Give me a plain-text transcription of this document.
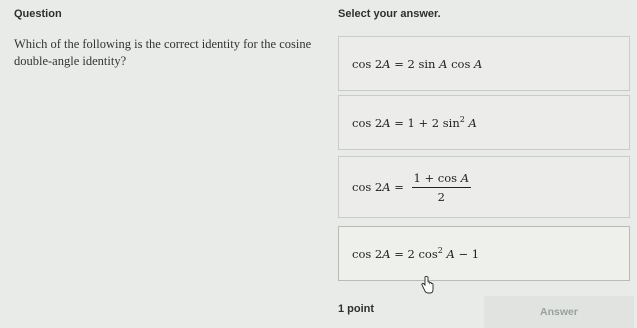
Question
Which of the following is the correct identity for the cosine
double-angle identity?
Select your answer.
cos 2A = 2 sin A cos A
cos 2A = 1 + 2 $\sin^2 A$
cos 2 $A = \frac{\text{1 + cos A}}{2}$
cos 2A = 2 $\cos^2 A - 1$
1 point	Answer
